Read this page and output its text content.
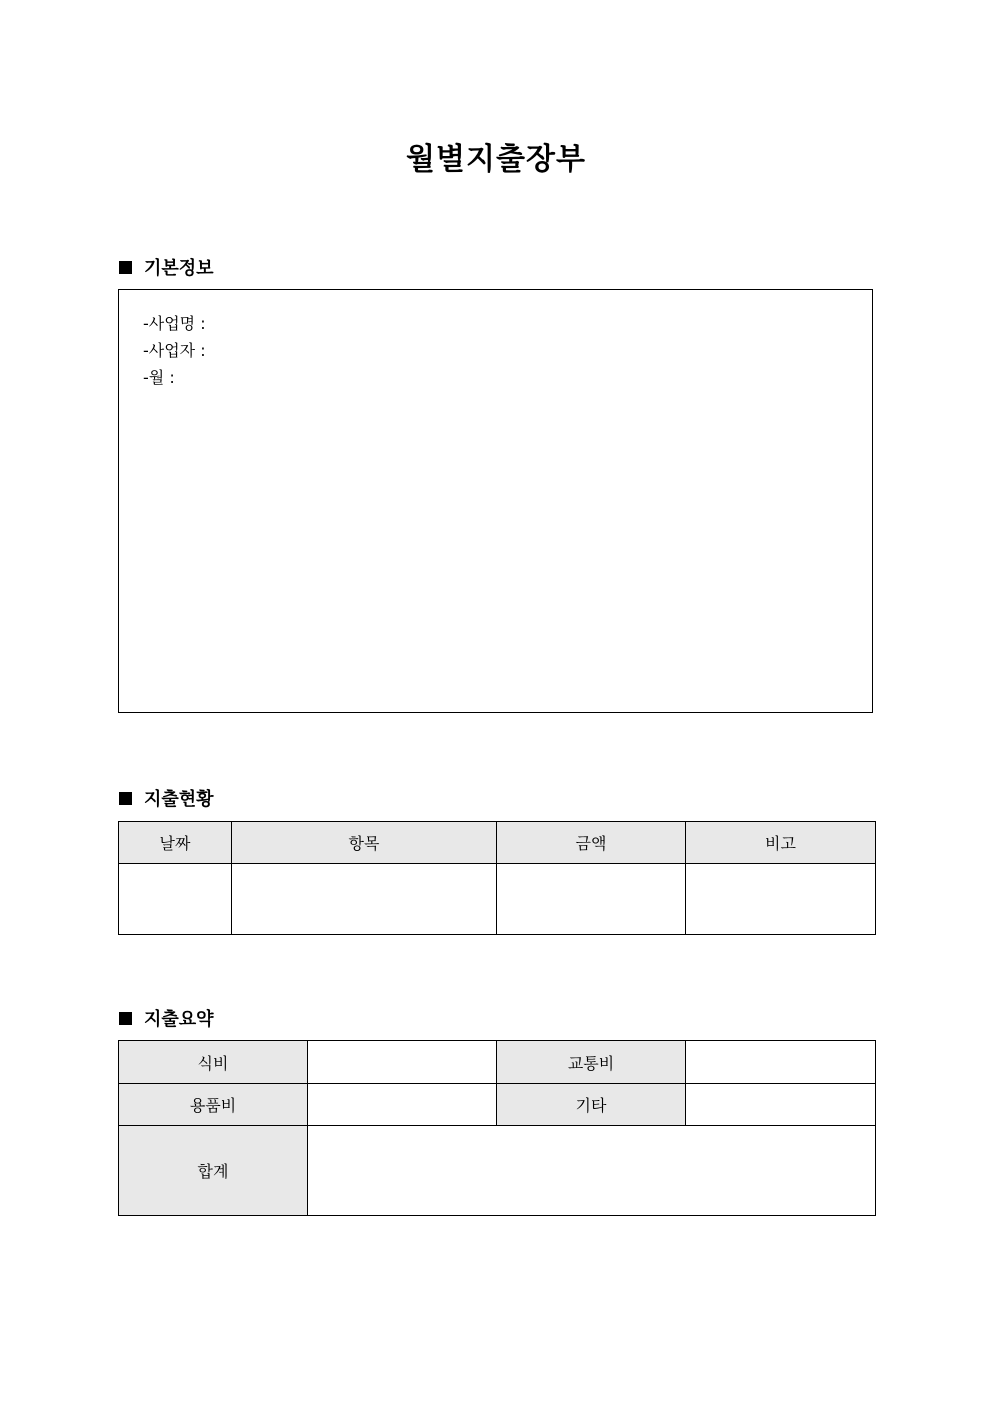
월별지출장부
기본정보
-사업명 :
-사업자 :
-월 :
지출현황
날짜	항목	금액	비고

지출요약
식비		교통비	
용품비		기타	
합계			
